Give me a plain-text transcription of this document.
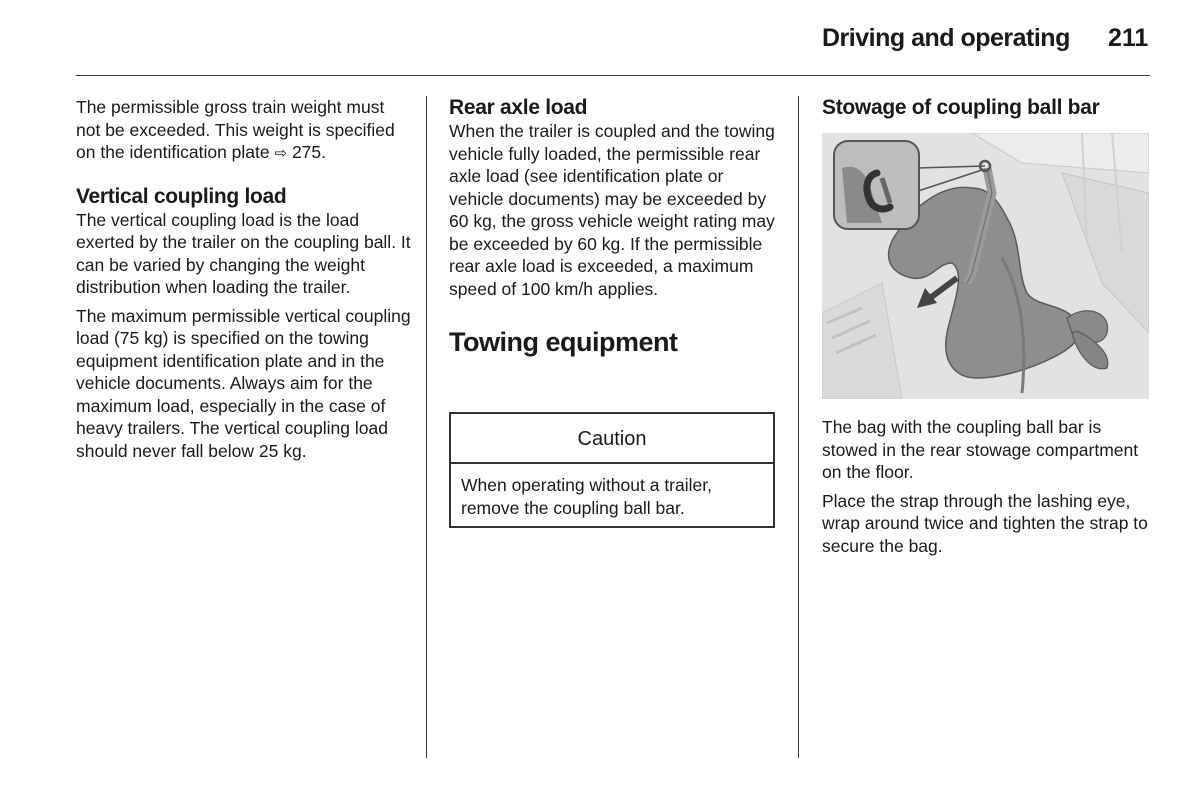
Driving and operating 211

The permissible gross train weight must not be exceeded. This weight is specified on the identification plate ⇨ 275.

Vertical coupling load

The vertical coupling load is the load exerted by the trailer on the coupling ball. It can be varied by changing the weight distribution when loading the trailer.

The maximum permissible vertical coupling load (75 kg) is specified on the towing equipment identification plate and in the vehicle documents. Always aim for the maximum load, especially in the case of heavy trailers. The vertical coupling load should never fall below 25 kg.

Rear axle load

When the trailer is coupled and the towing vehicle fully loaded, the permissible rear axle load (see identification plate or vehicle documents) may be exceeded by 60 kg, the gross vehicle weight rating may be exceeded by 60 kg. If the permissible rear axle load is exceeded, a maximum speed of 100 km/h applies.

Towing equipment
Caution
When operating without a trailer, remove the coupling ball bar.
Stowage of coupling ball bar

The bag with the coupling ball bar is stowed in the rear stowage compartment on the floor.

Place the strap through the lashing eye, wrap around twice and tighten the strap to secure the bag.
